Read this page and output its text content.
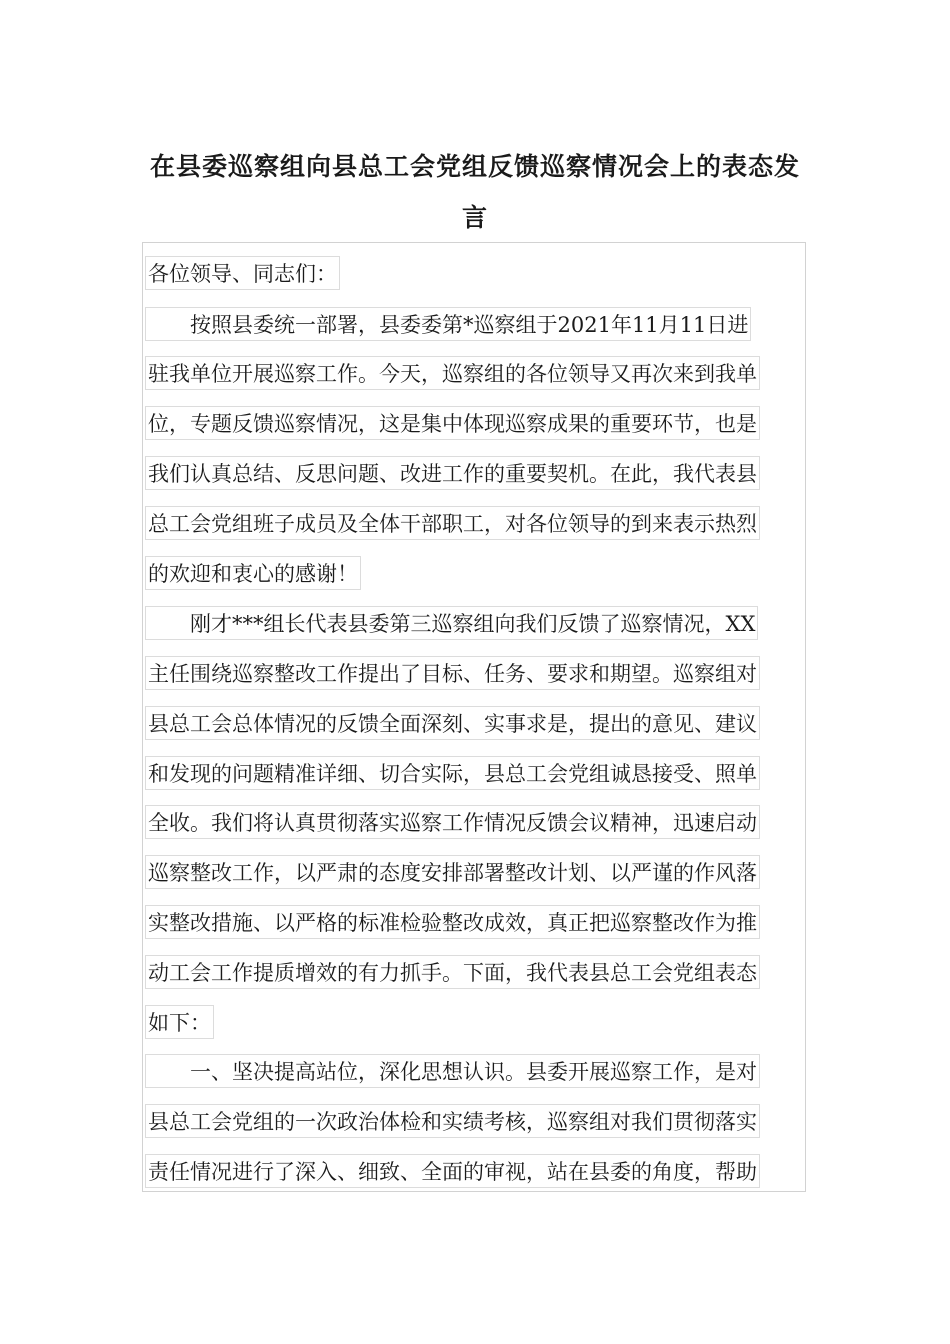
在县委巡察组向县总工会党组反馈巡察情况会上的表态发
言
各位领导、同志们：
　　按照县委统一部署，县委委第*巡察组于2021年11月11日进
驻我单位开展巡察工作。今天，巡察组的各位领导又再次来到我单
位，专题反馈巡察情况，这是集中体现巡察成果的重要环节，也是
我们认真总结、反思问题、改进工作的重要契机。在此，我代表县
总工会党组班子成员及全体干部职工，对各位领导的到来表示热烈
的欢迎和衷心的感谢！
　　刚才***组长代表县委第三巡察组向我们反馈了巡察情况，XX
主任围绕巡察整改工作提出了目标、任务、要求和期望。巡察组对
县总工会总体情况的反馈全面深刻、实事求是，提出的意见、建议
和发现的问题精准详细、切合实际，县总工会党组诚恳接受、照单
全收。我们将认真贯彻落实巡察工作情况反馈会议精神，迅速启动
巡察整改工作，以严肃的态度安排部署整改计划、以严谨的作风落
实整改措施、以严格的标准检验整改成效，真正把巡察整改作为推
动工会工作提质增效的有力抓手。下面，我代表县总工会党组表态
如下：
　　一、坚决提高站位，深化思想认识。县委开展巡察工作，是对
县总工会党组的一次政治体检和实绩考核，巡察组对我们贯彻落实
责任情况进行了深入、细致、全面的审视，站在县委的角度，帮助
